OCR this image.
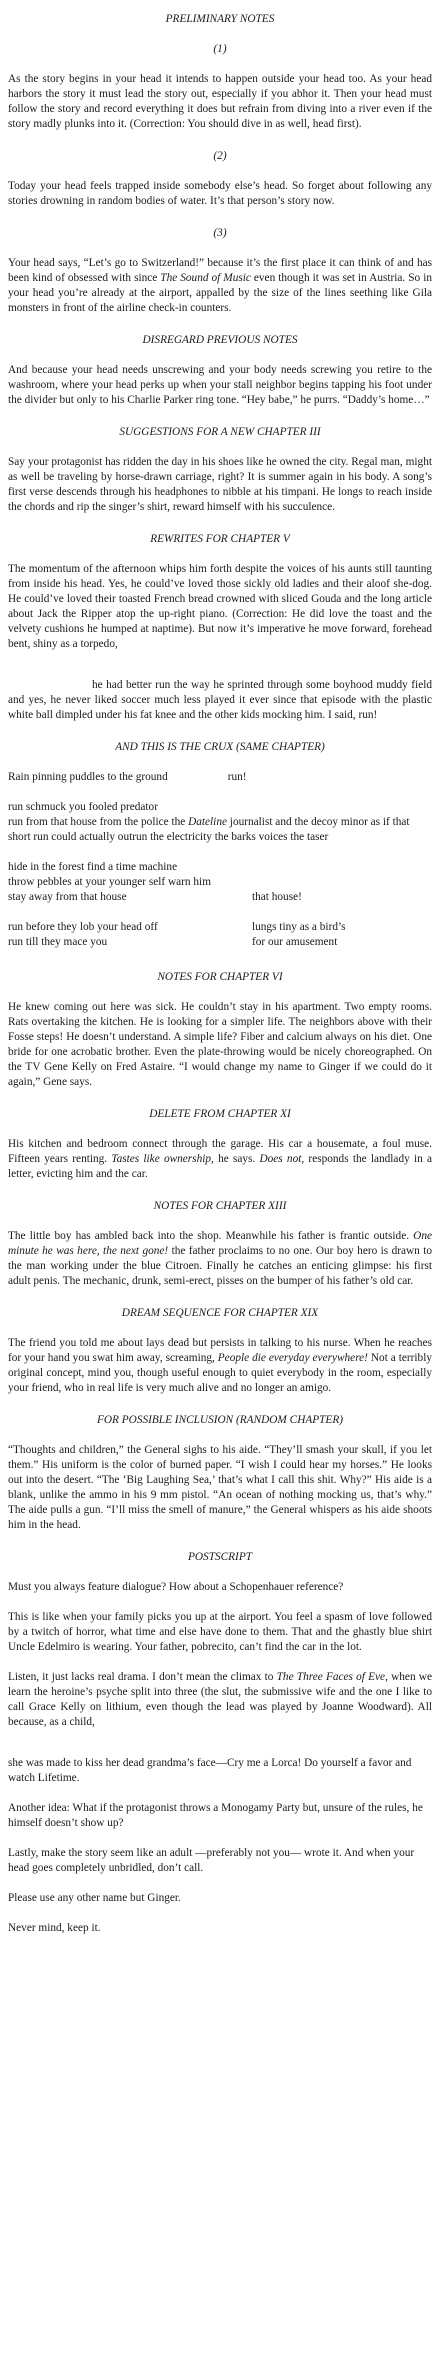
PRELIMINARY NOTES
(1)

As the story begins in your head it intends to happen outside your head too. As your head harbors the story it must lead the story out, especially if you abhor it. Then your head must follow the story and record everything it does but refrain from diving into a river even if the story madly plunks into it. (Correction: You should dive in as well, head first).

(2)

Today your head feels trapped inside somebody else’s head. So forget about following any stories drowning in random bodies of water. It’s that person’s story now.

(3)

Your head says, “Let’s go to Switzerland!” because it’s the first place it can think of and has been kind of obsessed with since The Sound of Music even though it was set in Austria. So in your head you’re already at the airport, appalled by the size of the lines seething like Gila monsters in front of the airline check-in counters.

DISREGARD PREVIOUS NOTES

And because your head needs unscrewing and your body needs screwing you retire to the washroom, where your head perks up when your stall neighbor begins tapping his foot under the divider but only to his Charlie Parker ring tone. “Hey babe,” he purrs. “Daddy’s home…”

SUGGESTIONS FOR A NEW CHAPTER III

Say your protagonist has ridden the day in his shoes like he owned the city. Regal man, might as well be traveling by horse-drawn carriage, right? It is summer again in his body. A song’s first verse descends through his headphones to nibble at his timpani. He longs to reach inside the chords and rip the singer’s shirt, reward himself with his succulence.

REWRITES FOR CHAPTER V

The momentum of the afternoon whips him forth despite the voices of his aunts still taunting from inside his head. Yes, he could’ve loved those sickly old ladies and their aloof she-dog. He could’ve loved their toasted French bread crowned with sliced Gouda and the long article about Jack the Ripper atop the up-right piano. (Correction: He did love the toast and the velvety cushions he humped at naptime). But now it’s imperative he move forward, forehead bent, shiny as a torpedo,

he had better run the way he sprinted through some boyhood muddy field and yes, he never liked soccer much less played it ever since that episode with the plastic white ball dimpled under his fat knee and the other kids mocking him. I said, run!

AND THIS IS THE CRUX (SAME CHAPTER)

Rain pinning puddles to the ground	run!

run schmuck you fooled predator

run from that house from the police the Dateline journalist and the decoy minor as if that short run could actually outrun the electricity the barks voices the taser

hide in the forest find a time machine

throw pebbles at your younger self warn him

stay away from that house	that house!
run before they lob your head off	lungs tiny as a bird’s
run till they mace you	for our amusement
NOTES FOR CHAPTER VI

He knew coming out here was sick. He couldn’t stay in his apartment. Two empty rooms. Rats overtaking the kitchen. He is looking for a simpler life. The neighbors above with their Fosse steps! He doesn’t understand. A simple life? Fiber and calcium always on his diet. One bride for one acrobatic brother. Even the plate-throwing would be nicely choreographed. On the TV Gene Kelly on Fred Astaire. “I would change my name to Ginger if we could do it again,” Gene says.

DELETE FROM CHAPTER XI

His kitchen and bedroom connect through the garage. His car a housemate, a foul muse. Fifteen years renting. Tastes like ownership, he says. Does not, responds the landlady in a letter, evicting him and the car.

NOTES FOR CHAPTER XIII

The little boy has ambled back into the shop. Meanwhile his father is frantic outside. One minute he was here, the next gone! the father proclaims to no one. Our boy hero is drawn to the man working under the blue Citroen. Finally he catches an enticing glimpse: his first adult penis. The mechanic, drunk, semi-erect, pisses on the bumper of his father’s old car.

DREAM SEQUENCE FOR CHAPTER XIX

The friend you told me about lays dead but persists in talking to his nurse. When he reaches for your hand you swat him away, screaming, People die everyday everywhere! Not a terribly original concept, mind you, though useful enough to quiet everybody in the room, especially your friend, who in real life is very much alive and no longer an amigo.

FOR POSSIBLE INCLUSION (RANDOM CHAPTER)

“Thoughts and children,” the General sighs to his aide. “They’ll smash your skull, if you let them.” His uniform is the color of burned paper. “I wish I could hear my horses.” He looks out into the desert. “The ‘Big Laughing Sea,’ that’s what I call this shit. Why?” His aide is a blank, unlike the ammo in his 9 mm pistol. “An ocean of nothing mocking us, that’s why.” The aide pulls a gun. “I’ll miss the smell of manure,” the General whispers as his aide shoots him in the head.

POSTSCRIPT

Must you always feature dialogue? How about a Schopenhauer reference?

This is like when your family picks you up at the airport. You feel a spasm of love followed by a twitch of horror, what time and else have done to them. That and the ghastly blue shirt Uncle Edelmiro is wearing. Your father, pobrecito, can’t find the car in the lot.

Listen, it just lacks real drama. I don’t mean the climax to The Three Faces of Eve, when we learn the heroine’s psyche split into three (the slut, the submissive wife and the one I like to call Grace Kelly on lithium, even though the lead was played by Joanne Woodward). All because, as a child,

she was made to kiss her dead grandma’s face—Cry me a Lorca! Do yourself a favor and watch Lifetime.

Another idea: What if the protagonist throws a Monogamy Party but, unsure of the rules, he himself doesn’t show up?

Lastly, make the story seem like an adult —preferably not you— wrote it. And when your head goes completely unbridled, don’t call.

Please use any other name but Ginger.

Never mind, keep it.
